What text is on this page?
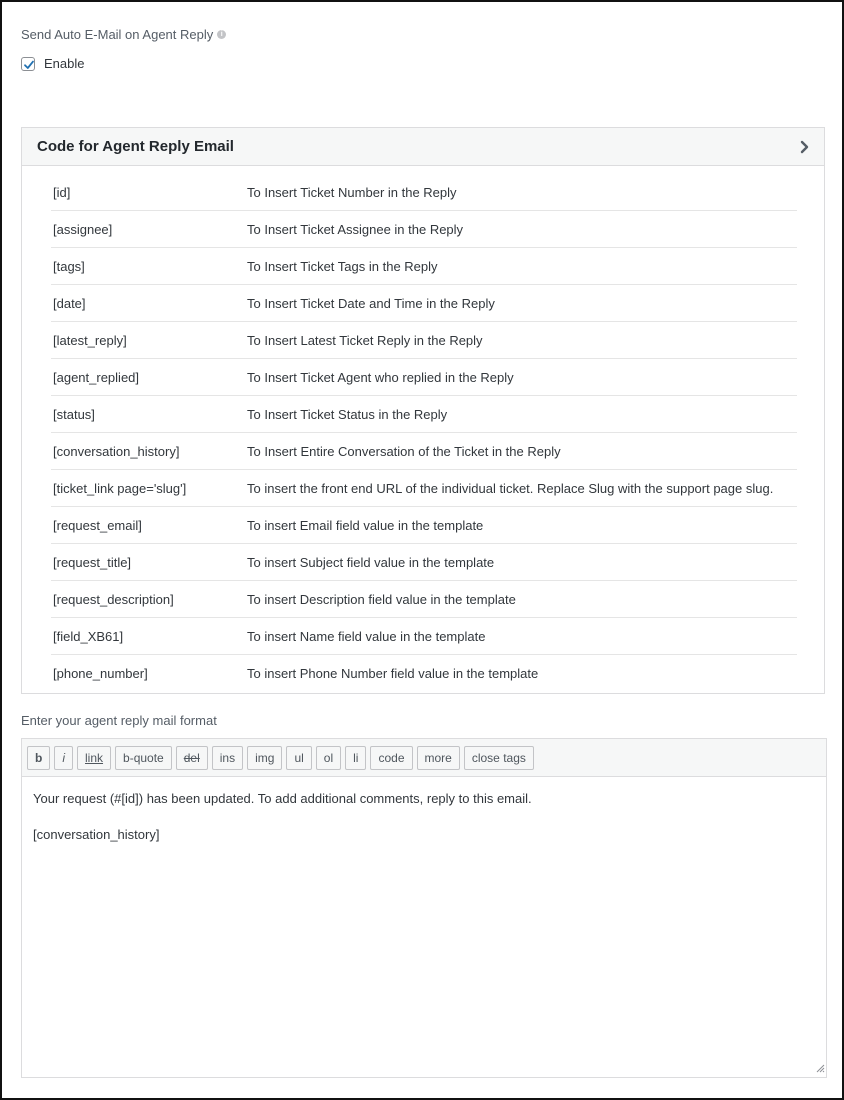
Send Auto E-Mail on Agent Reply	i
Enable
Code for Agent Reply Email
[id]	To Insert Ticket Number in the Reply
[assignee]	To Insert Ticket Assignee in the Reply
[tags]	To Insert Ticket Tags in the Reply
[date]	To Insert Ticket Date and Time in the Reply
[latest_reply]	To Insert Latest Ticket Reply in the Reply
[agent_replied]	To Insert Ticket Agent who replied in the Reply
[status]	To Insert Ticket Status in the Reply
[conversation_history]	To Insert Entire Conversation of the Ticket in the Reply
[ticket_link page='slug']	To insert the front end URL of the individual ticket. Replace Slug with the support page slug.
[request_email]	To insert Email field value in the template
[request_title]	To insert Subject field value in the template
[request_description]	To insert Description field value in the template
[field_XB61]	To insert Name field value in the template
[phone_number]	To insert Phone Number field value in the template
Enter your agent reply mail format
b	i	link	b-quote	del	ins	img	ul	ol	li	code	more	close tags
Your request (#[id]) has been updated. To add additional comments, reply to this email.

[conversation_history]
